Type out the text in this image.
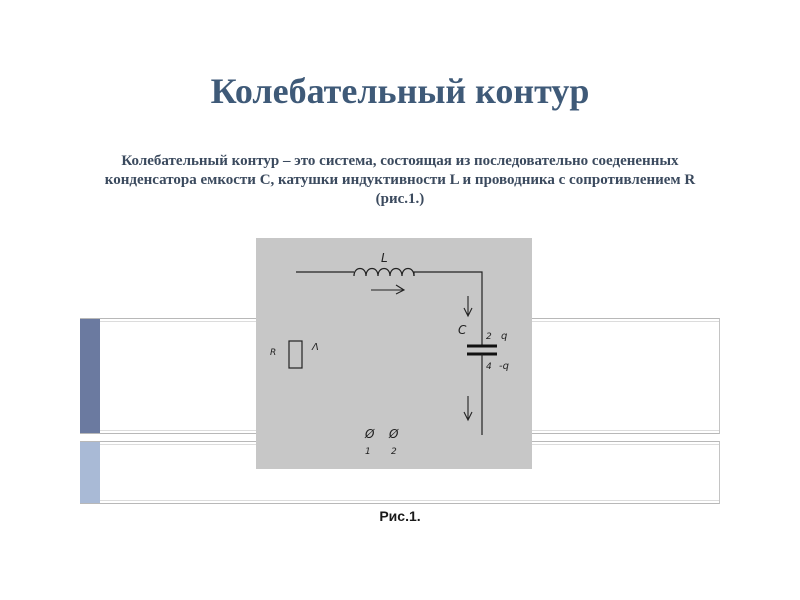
Колебательный контур

Колебательный контур – это система, состоящая из последовательно соедененных
конденсатора емкости С, катушки индуктивности L и проводника с сопротивлением R
(рис.1.)

L
C
R	Λ
2 q
4 -q
Ø Ø
1 2

Рис.1.
